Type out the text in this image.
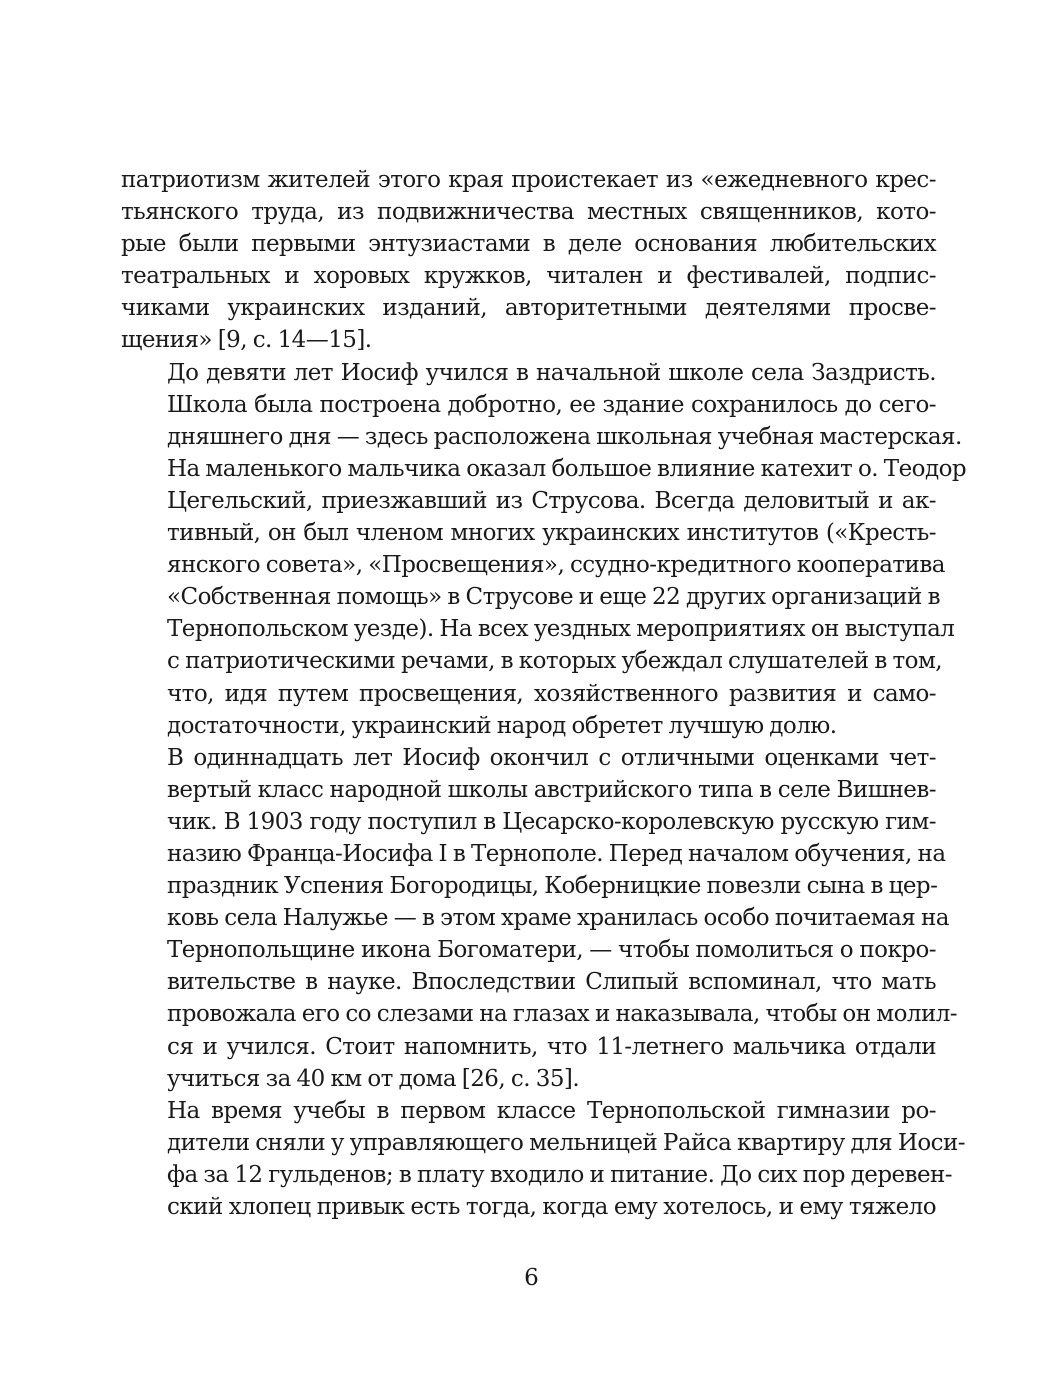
патриотизм жителей этого края проистекает из «ежедневного крес-
тьянского труда, из подвижничества местных священников, кото-
рые были первыми энтузиастами в деле основания любительских
театральных и хоровых кружков, читален и фестивалей, подпис-
чиками украинских изданий, авторитетными деятелями просве-
щения» [9, с. 14—15].

До девяти лет Иосиф учился в начальной школе села Заздристь.
Школа была построена добротно, ее здание сохранилось до сего-
дняшнего дня — здесь расположена школьная учебная мастерская.
На маленького мальчика оказал большое влияние катехит о. Теодор
Цегельский, приезжавший из Струсова. Всегда деловитый и ак-
тивный, он был членом многих украинских институтов («Кресть-
янского совета», «Просвещения», ссудно-кредитного кооператива
«Собственная помощь» в Струсове и еще 22 других организаций в
Тернопольском уезде). На всех уездных мероприятиях он выступал
с патриотическими речами, в которых убеждал слушателей в том,
что, идя путем просвещения, хозяйственного развития и само-
достаточности, украинский народ обретет лучшую долю.

В одиннадцать лет Иосиф окончил с отличными оценками чет-
вертый класс народной школы австрийского типа в селе Вишнев-
чик. В 1903 году поступил в Цесарско-королевскую русскую гим-
назию Франца-Иосифа I в Тернополе. Перед началом обучения, на
праздник Успения Богородицы, Коберницкие повезли сына в цер-
ковь села Налужье — в этом храме хранилась особо почитаемая на
Тернопольщине икона Богоматери, — чтобы помолиться о покро-
вительстве в науке. Впоследствии Слипый вспоминал, что мать
провожала его со слезами на глазах и наказывала, чтобы он молил-
ся и учился. Стоит напомнить, что 11-летнего мальчика отдали
учиться за 40 км от дома [26, с. 35].

На время учебы в первом классе Тернопольской гимназии ро-
дители сняли у управляющего мельницей Райса квартиру для Иоси-
фа за 12 гульденов; в плату входило и питание. До сих пор деревен-
ский хлопец привык есть тогда, когда ему хотелось, и ему тяжело

6
